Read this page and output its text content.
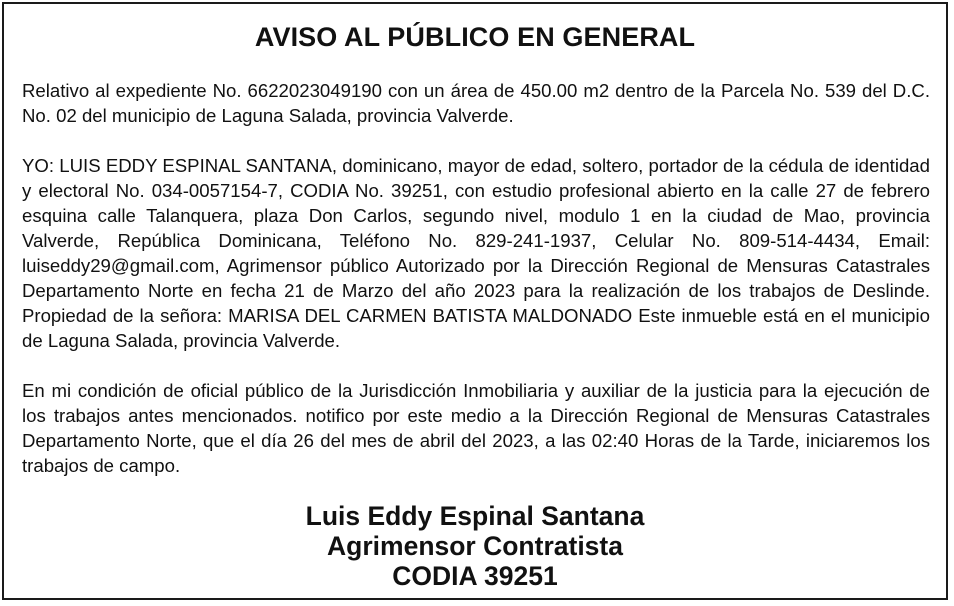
AVISO AL PÚBLICO EN GENERAL

Relativo al expediente No. 6622023049190 con un área de 450.00 m2 dentro de la Parcela No. 539 del D.C. No. 02 del municipio de Laguna Salada, provincia Valverde.

YO: LUIS EDDY ESPINAL SANTANA, dominicano, mayor de edad, soltero, portador de la cédula de identidad y electoral No. 034-0057154-7, CODIA No. 39251, con estudio profesional abierto en la calle 27 de febrero esquina calle Talanquera, plaza Don Carlos, segundo nivel, modulo 1 en la ciudad de Mao, provincia Valverde, República Dominicana, Teléfono No. 829-241-1937, Celular No. 809-514-4434, Email: luiseddy29@gmail.com, Agrimensor público Autorizado por la Dirección Regional de Mensuras Catastrales Departamento Norte en fecha 21 de Marzo del año 2023 para la realización de los trabajos de Deslinde. Propiedad de la señora: MARISA DEL CARMEN BATISTA MALDONADO Este inmueble está en el municipio de Laguna Salada, provincia Valverde.

En mi condición de oficial público de la Jurisdicción Inmobiliaria y auxiliar de la justicia para la ejecución de los trabajos antes mencionados. notifico por este medio a la Dirección Regional de Mensuras Catastrales Departamento Norte, que el día 26 del mes de abril del 2023, a las 02:40 Horas de la Tarde, iniciaremos los trabajos de campo.

Luis Eddy Espinal Santana
Agrimensor Contratista
CODIA 39251
